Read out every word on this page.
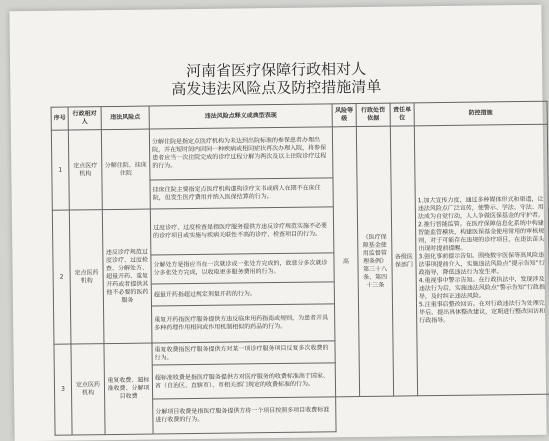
河南省医疗保障行政相对人
高发违法风险点及防控措施清单
序号	行政相对人	违法风险点	违法风险点释义或典型表现	风险等级	行政处罚依据	责任单位	防控措施
1	定点医疗机构	分解住院、挂床住院	分解住院是指定点医疗机构为未达到出院标准的参保患者办理出院，并在短时间内因同一种疾病或相同症状再次办理入院，将参保患者应当一次住院完成的诊疗过程分解为两次及以上住院诊疗过程的行为。	高	《医疗保障基金使用监督管理条例》第三十八条、第四十三条	各级医保部门	1.加大宣传力度，通过多种媒体形式和渠道，让违法风险点广泛宣传，使警示、学法、守法、用法成为自觉行动，人人争做医保基金的守护者。
2.推行智能监管。在医疗保障信息化系统中构建智能监管模块，构建医保基金使用常用的审核规则，对于可能存在违规的诊疗项目，在违法苗头出现时提前提醒。
3.强化事前提示告知。围绕数字医保等高风险违法事项提前介入，实施违法风险点“提示告知”行政指导，降低违法行为发生率。
4.重视事中警示告知。在行政执法中，发现涉及违法行为后，实施违法风险点“警示告知”行政指导，及时纠正违法风险。
5.注重事后整改回访。在对行政违法行为处理完毕后，提出具体整改建议，定期进行整改回访和行政指导。

			挂床住院主要指定点医疗机构虚构诊疗文书或病人在期不在床住院，但发生医疗费用并纳入医保结算的行为。				
2	定点医药机构	违反诊疗规范过度诊疗、过度检查、分解处方、超量开药、重复开药或者提供其他不必要的医药服务	过度诊疗、过度检查是指医疗服务提供方违反诊疗规范实施不必要的诊疗项目或实施与疾病关联性不高的诊疗、检查项目的行为。				
			分解处方是指应当在一次就诊或一张处方完成的，故意分多次就诊分多张处方完成，以收取更多服务费用的行为。				
			超量开药指超过规定剂量开药的行为。				
			重复开药指医疗服务提供方违反临床用药指南或规则，为患者开具多种药理作用相同或作用机制相似的药品的行为。				
3	定点医药机构	重复收费、超标准收费、分解项目收费	重复收费指医疗服务提供方对某一项诊疗服务项目反复多次收费的行为。				
			超标准收费是指医疗服务提供方对医疗服务的收费标准高于国家、省（自治区、直辖市）、市相关部门规定的收费标准的行为。				
			分解项目收费是指医疗服务提供方将一个项目按照多项目收费标准进行收费的行为。				
